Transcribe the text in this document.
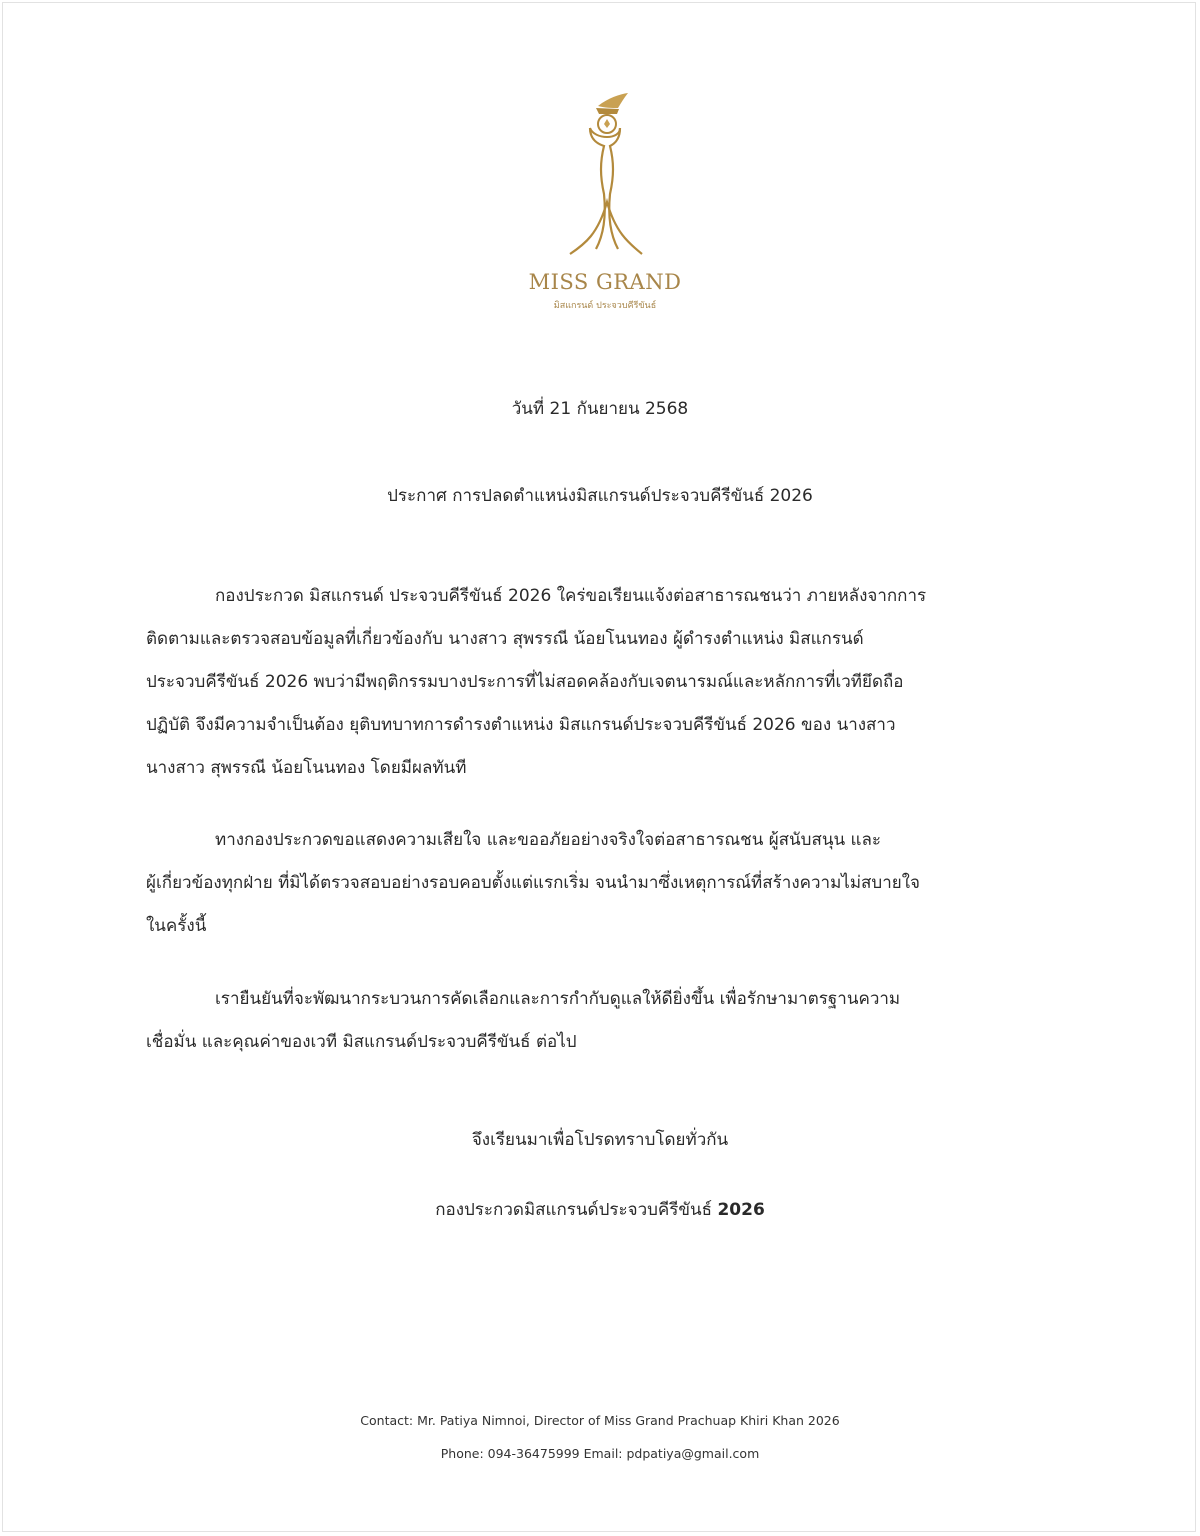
MISS GRAND
มิสแกรนด์ ประจวบคีรีขันธ์
วันที่ 21 กันยายน 2568
ประกาศ การปลดตำแหน่งมิสแกรนด์ประจวบคีรีขันธ์ 2026
กองประกวด มิสแกรนด์ ประจวบคีรีขันธ์ 2026 ใคร่ขอเรียนแจ้งต่อสาธารณชนว่า ภายหลังจากการ
ติดตามและตรวจสอบข้อมูลที่เกี่ยวข้องกับ นางสาว สุพรรณี น้อยโนนทอง ผู้ดำรงตำแหน่ง มิสแกรนด์
ประจวบคีรีขันธ์ 2026 พบว่ามีพฤติกรรมบางประการที่ไม่สอดคล้องกับเจตนารมณ์และหลักการที่เวทียึดถือ
ปฏิบัติ จึงมีความจำเป็นต้อง ยุติบทบาทการดำรงตำแหน่ง มิสแกรนด์ประจวบคีรีขันธ์ 2026 ของ นางสาว
นางสาว สุพรรณี น้อยโนนทอง โดยมีผลทันที
ทางกองประกวดขอแสดงความเสียใจ และขออภัยอย่างจริงใจต่อสาธารณชน ผู้สนับสนุน และ
ผู้เกี่ยวข้องทุกฝ่าย ที่มิได้ตรวจสอบอย่างรอบคอบตั้งแต่แรกเริ่ม จนนำมาซึ่งเหตุการณ์ที่สร้างความไม่สบายใจ
ในครั้งนี้
เรายืนยันที่จะพัฒนากระบวนการคัดเลือกและการกำกับดูแลให้ดียิ่งขึ้น เพื่อรักษามาตรฐานความ
เชื่อมั่น และคุณค่าของเวที มิสแกรนด์ประจวบคีรีขันธ์ ต่อไป
จึงเรียนมาเพื่อโปรดทราบโดยทั่วกัน
กองประกวดมิสแกรนด์ประจวบคีรีขันธ์ 2026
Contact: Mr. Patiya Nimnoi, Director of Miss Grand Prachuap Khiri Khan 2026
Phone: 094-36475999 Email: pdpatiya@gmail.com
